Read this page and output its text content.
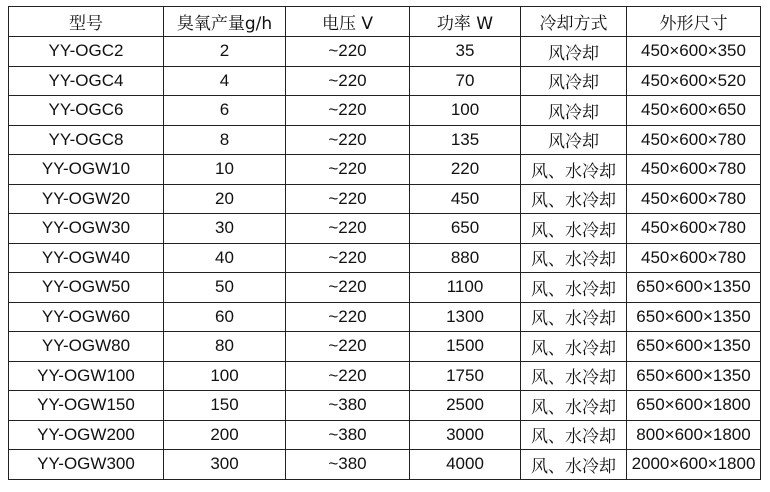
型号	臭氧产量g/h	电压 V	功率 W	冷却方式	外形尺寸
YY-OGC2	2	~220	35	风冷却	450×600×350
YY-OGC4	4	~220	70	风冷却	450×600×520
YY-OGC6	6	~220	100	风冷却	450×600×650
YY-OGC8	8	~220	135	风冷却	450×600×780
YY-OGW10	10	~220	220	风、水冷却	450×600×780
YY-OGW20	20	~220	450	风、水冷却	450×600×780
YY-OGW30	30	~220	650	风、水冷却	450×600×780
YY-OGW40	40	~220	880	风、水冷却	450×600×780
YY-OGW50	50	~220	1100	风、水冷却	650×600×1350
YY-OGW60	60	~220	1300	风、水冷却	650×600×1350
YY-OGW80	80	~220	1500	风、水冷却	650×600×1350
YY-OGW100	100	~220	1750	风、水冷却	650×600×1350
YY-OGW150	150	~380	2500	风、水冷却	650×600×1800
YY-OGW200	200	~380	3000	风、水冷却	800×600×1800
YY-OGW300	300	~380	4000	风、水冷却	2000×600×1800
